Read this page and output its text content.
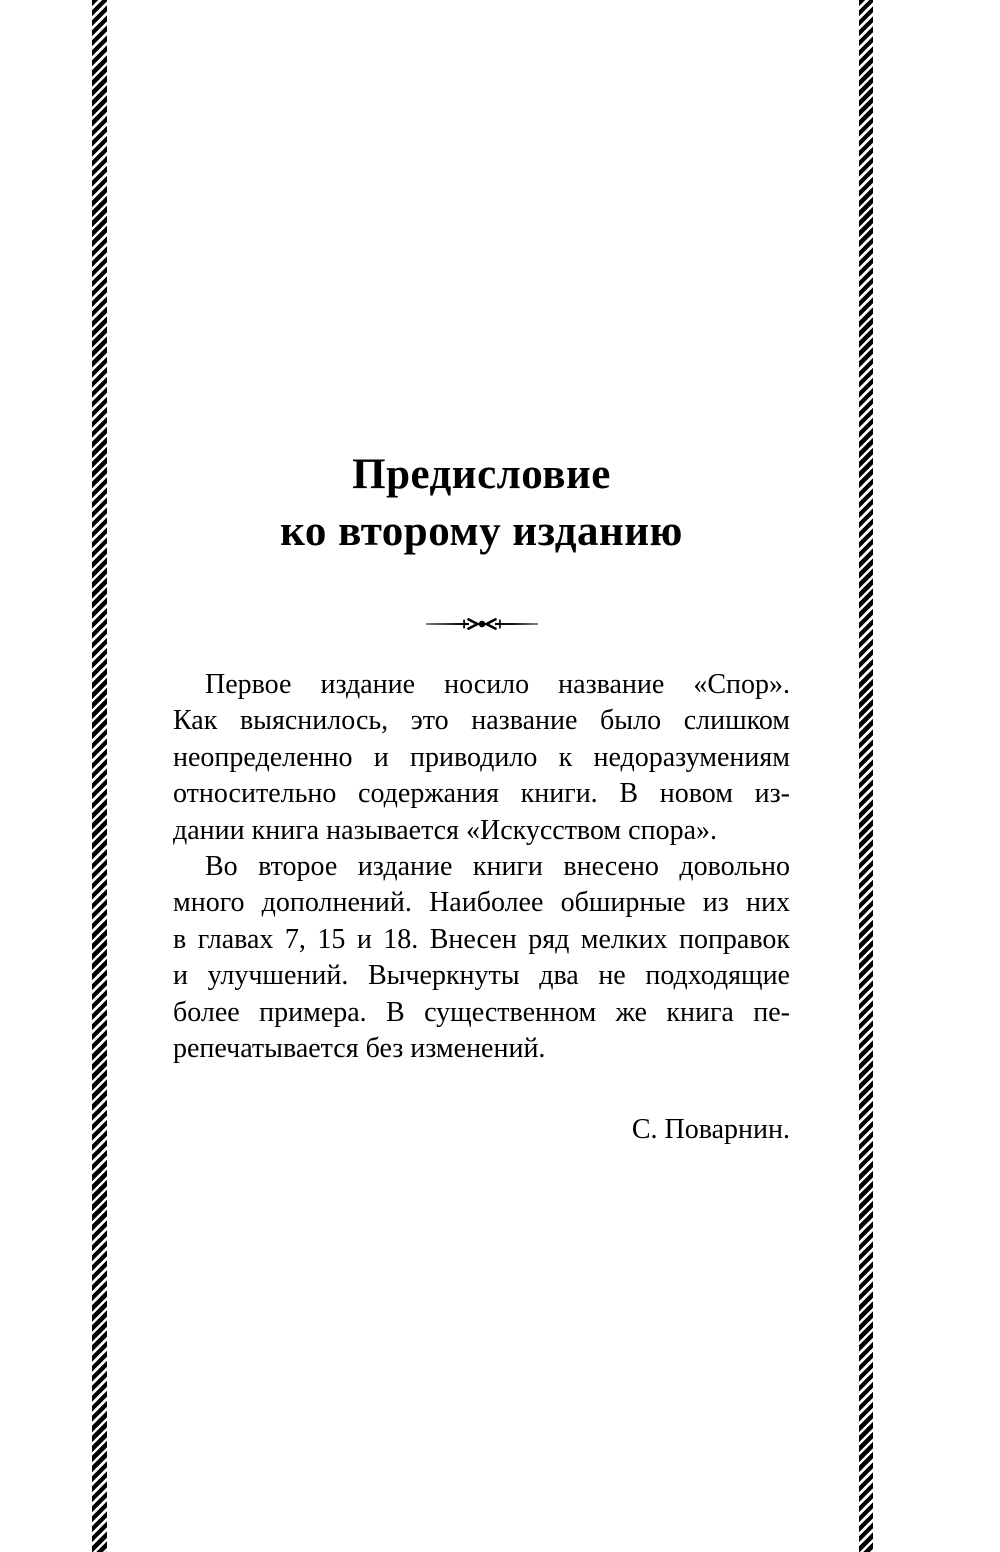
Предисловие
ко второму изданию
Первое издание носило название «Спор».
Как выяснилось, это название было слишком
неопределенно и приводило к недоразумениям
относительно содержания книги. В новом из-
дании книга называется «Искусством спора».
Во второе издание книги внесено довольно
много дополнений. Наиболее обширные из них
в главах 7, 15 и 18. Внесен ряд мелких поправок
и улучшений. Вычеркнуты два не подходящие
более примера. В существенном же книга пе-
репечатывается без изменений.
С. Поварнин.
